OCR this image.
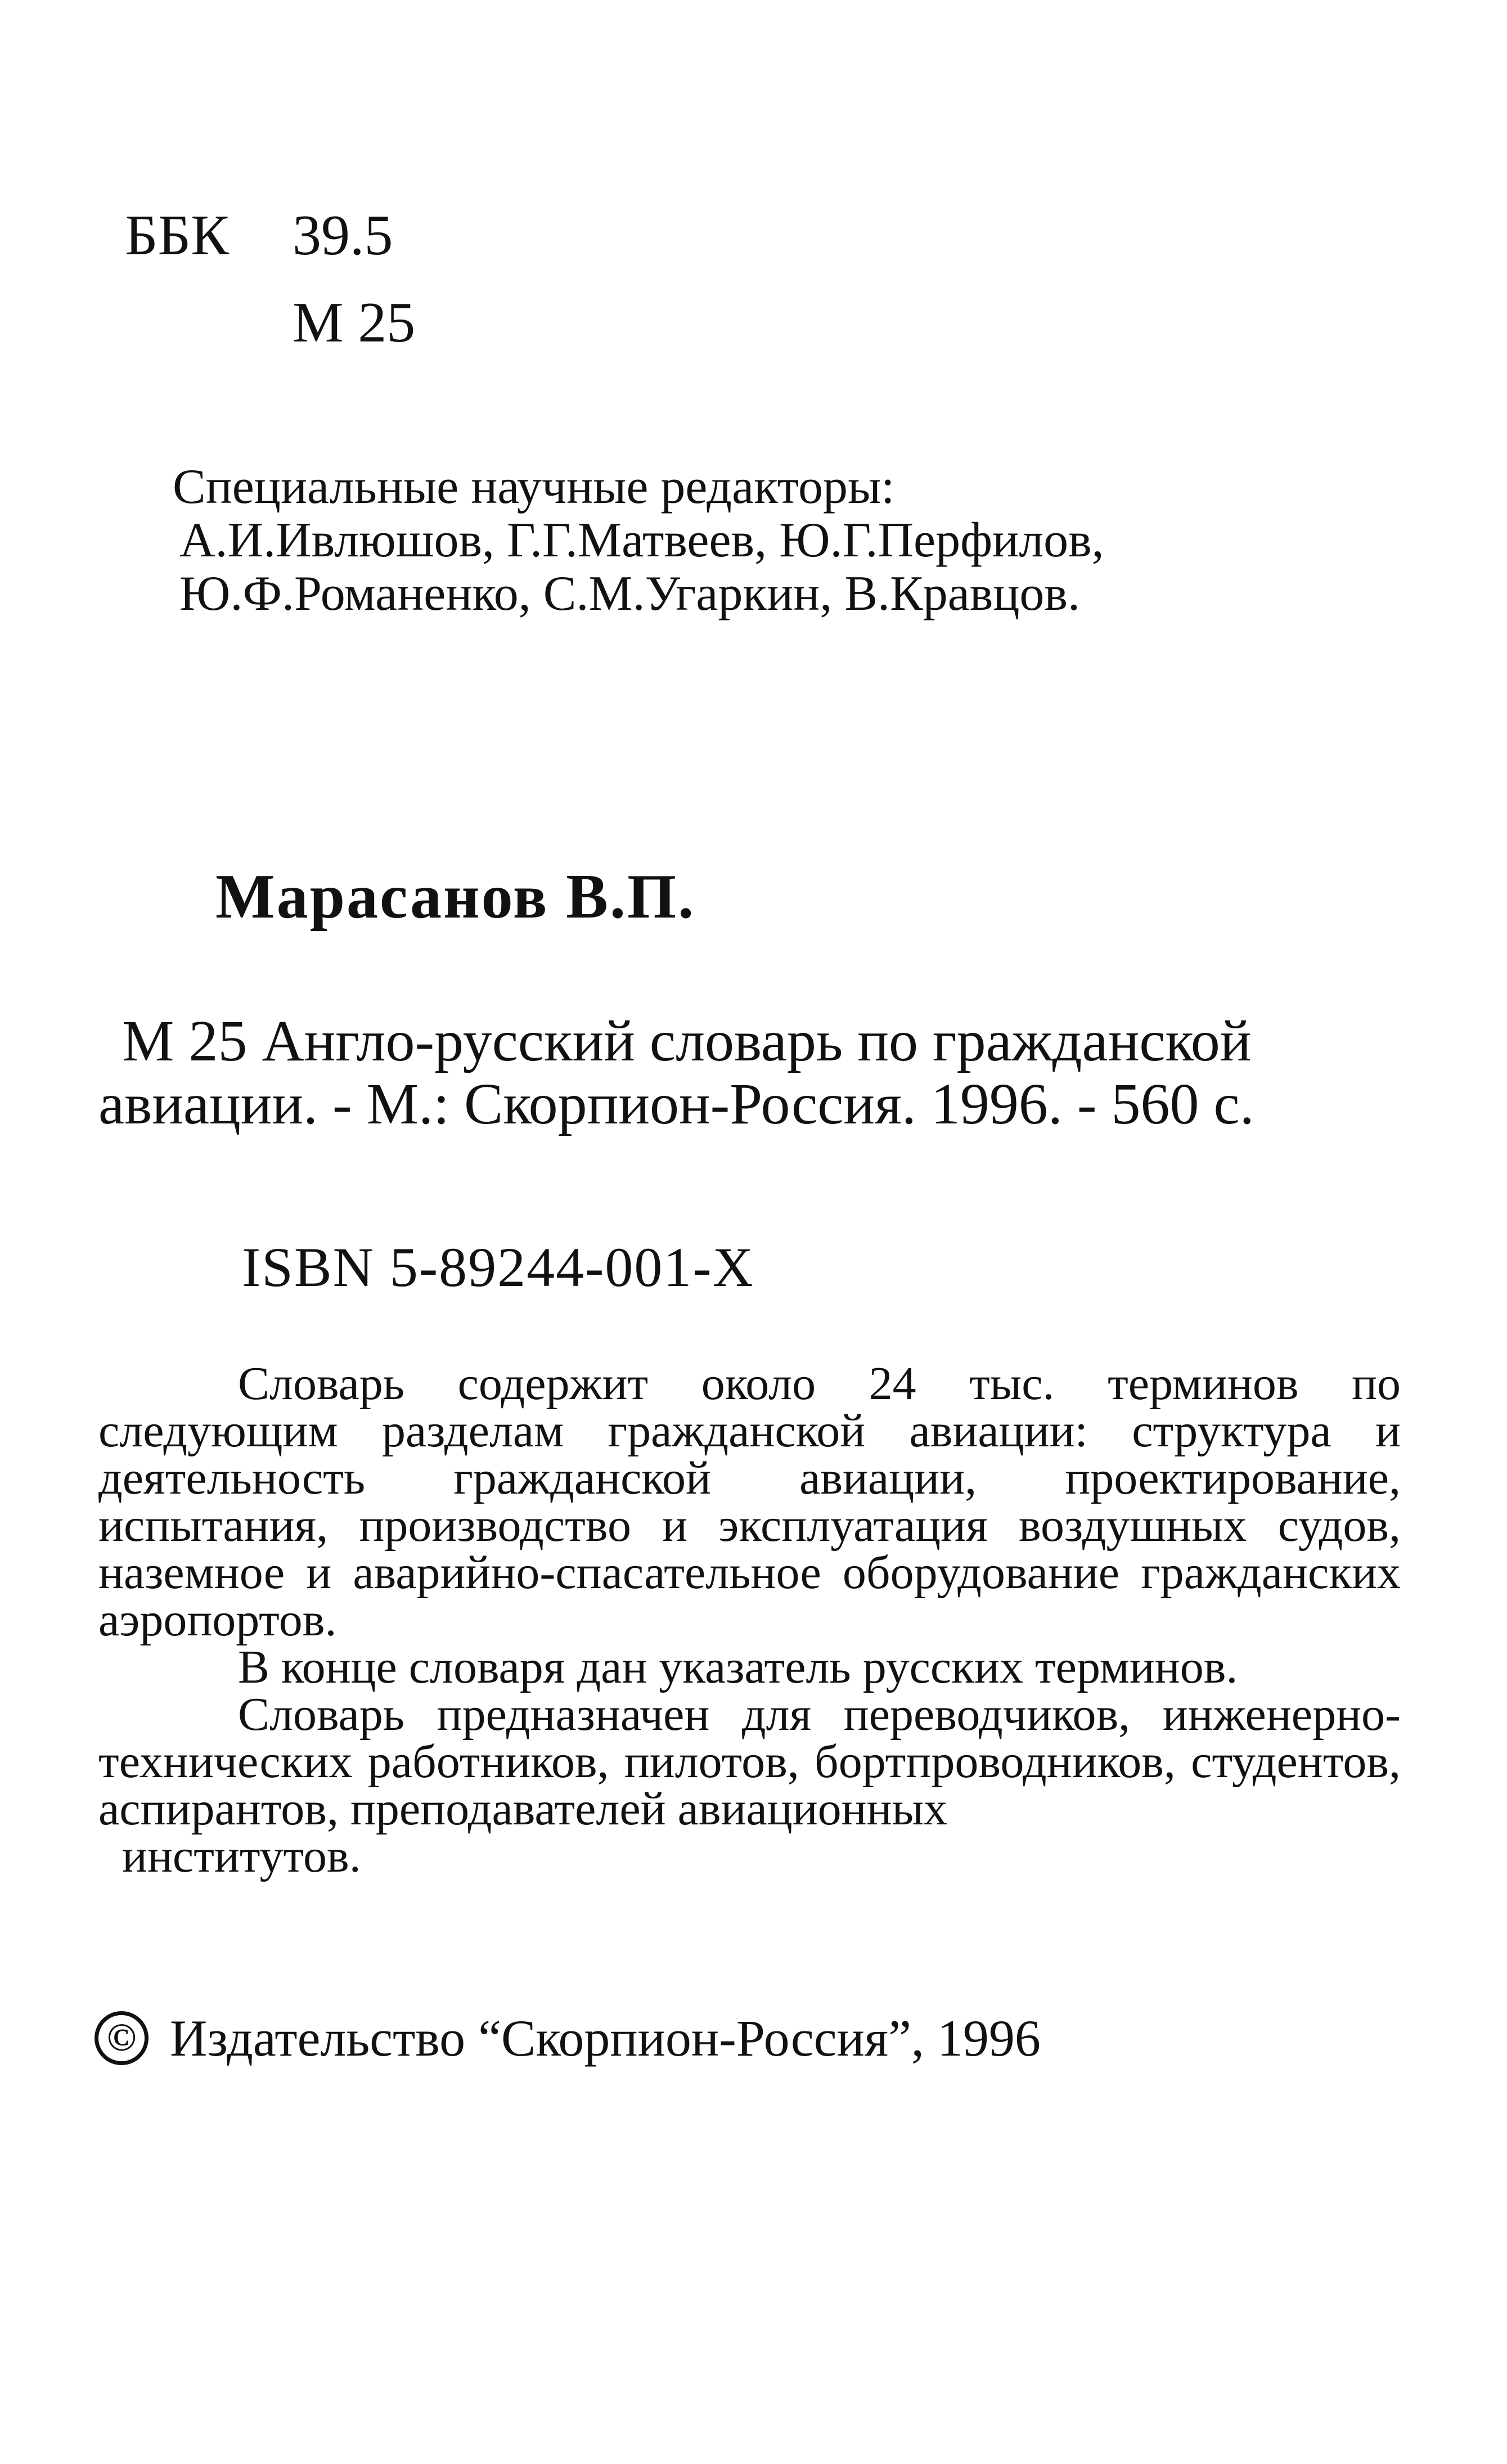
ББК 39.5
М 25
Специальные научные редакторы:
А.И.Ивлюшов, Г.Г.Матвеев, Ю.Г.Перфилов,
Ю.Ф.Романенко, С.М.Угаркин, В.Кравцов.
Марасанов В.П.
М 25 Англо-русский словарь по гражданской
авиации. - М.: Скорпион-Россия. 1996. - 560 с.
ISBN 5-89244-001-X

Словарь содержит около 24 тыс. терминов по следующим разделам гражданской авиации: структура и деятельность гражданской авиации, проектирование, испытания, производство и эксплуатация воздушных судов, наземное и аварийно-спасательное оборудование гражданских аэропортов.

В конце словаря дан указатель русских терминов.

Словарь предназначен для переводчиков, инженерно-технических работников, пилотов, бортпроводников, студентов, аспирантов, преподавателей авиационных

институтов.
© Издательство “Скорпион-Россия”, 1996
